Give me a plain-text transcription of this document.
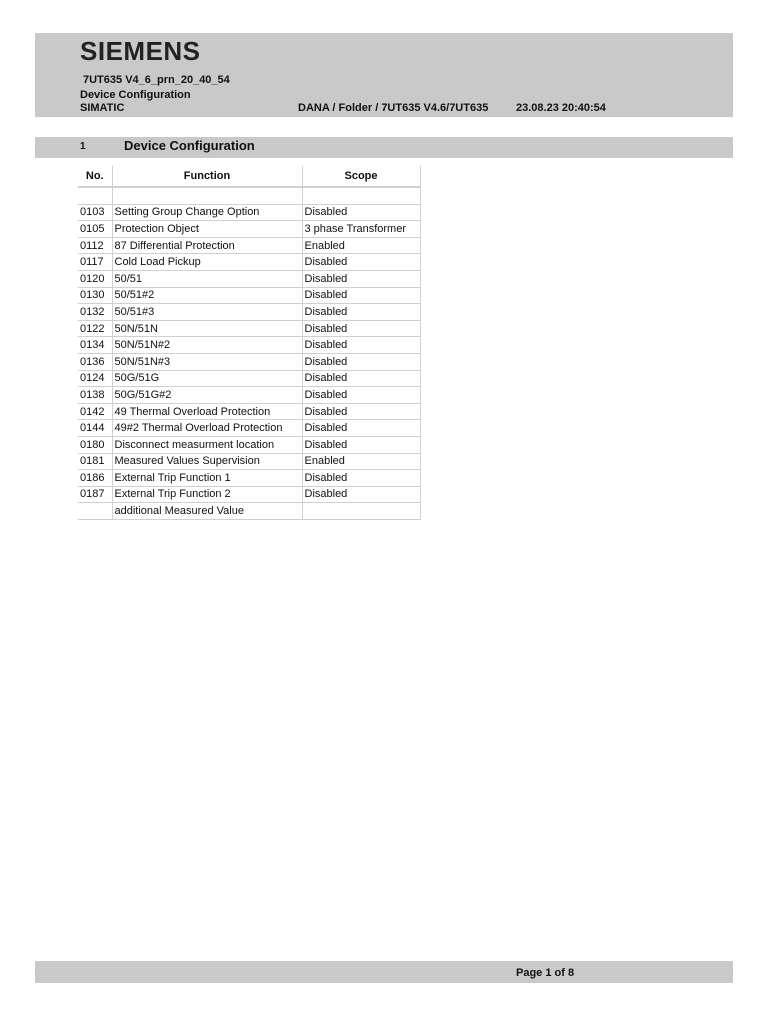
SIEMENS
7UT635 V4_6_prn_20_40_54
Device Configuration
SIMATIC	DANA / Folder / 7UT635 V4.6/7UT635	23.08.23 20:40:54
1	Device Configuration
No.	Function	Scope

0103	Setting Group Change Option	Disabled
0105	Protection Object	3 phase Transformer
0112	87 Differential Protection	Enabled
0117	Cold Load Pickup	Disabled
0120	50/51	Disabled
0130	50/51#2	Disabled
0132	50/51#3	Disabled
0122	50N/51N	Disabled
0134	50N/51N#2	Disabled
0136	50N/51N#3	Disabled
0124	50G/51G	Disabled
0138	50G/51G#2	Disabled
0142	49 Thermal Overload Protection	Disabled
0144	49#2 Thermal Overload Protection	Disabled
0180	Disconnect measurment location	Disabled
0181	Measured Values Supervision	Enabled
0186	External Trip Function 1	Disabled
0187	External Trip Function 2	Disabled
	additional Measured Value	
Page 1 of 8
